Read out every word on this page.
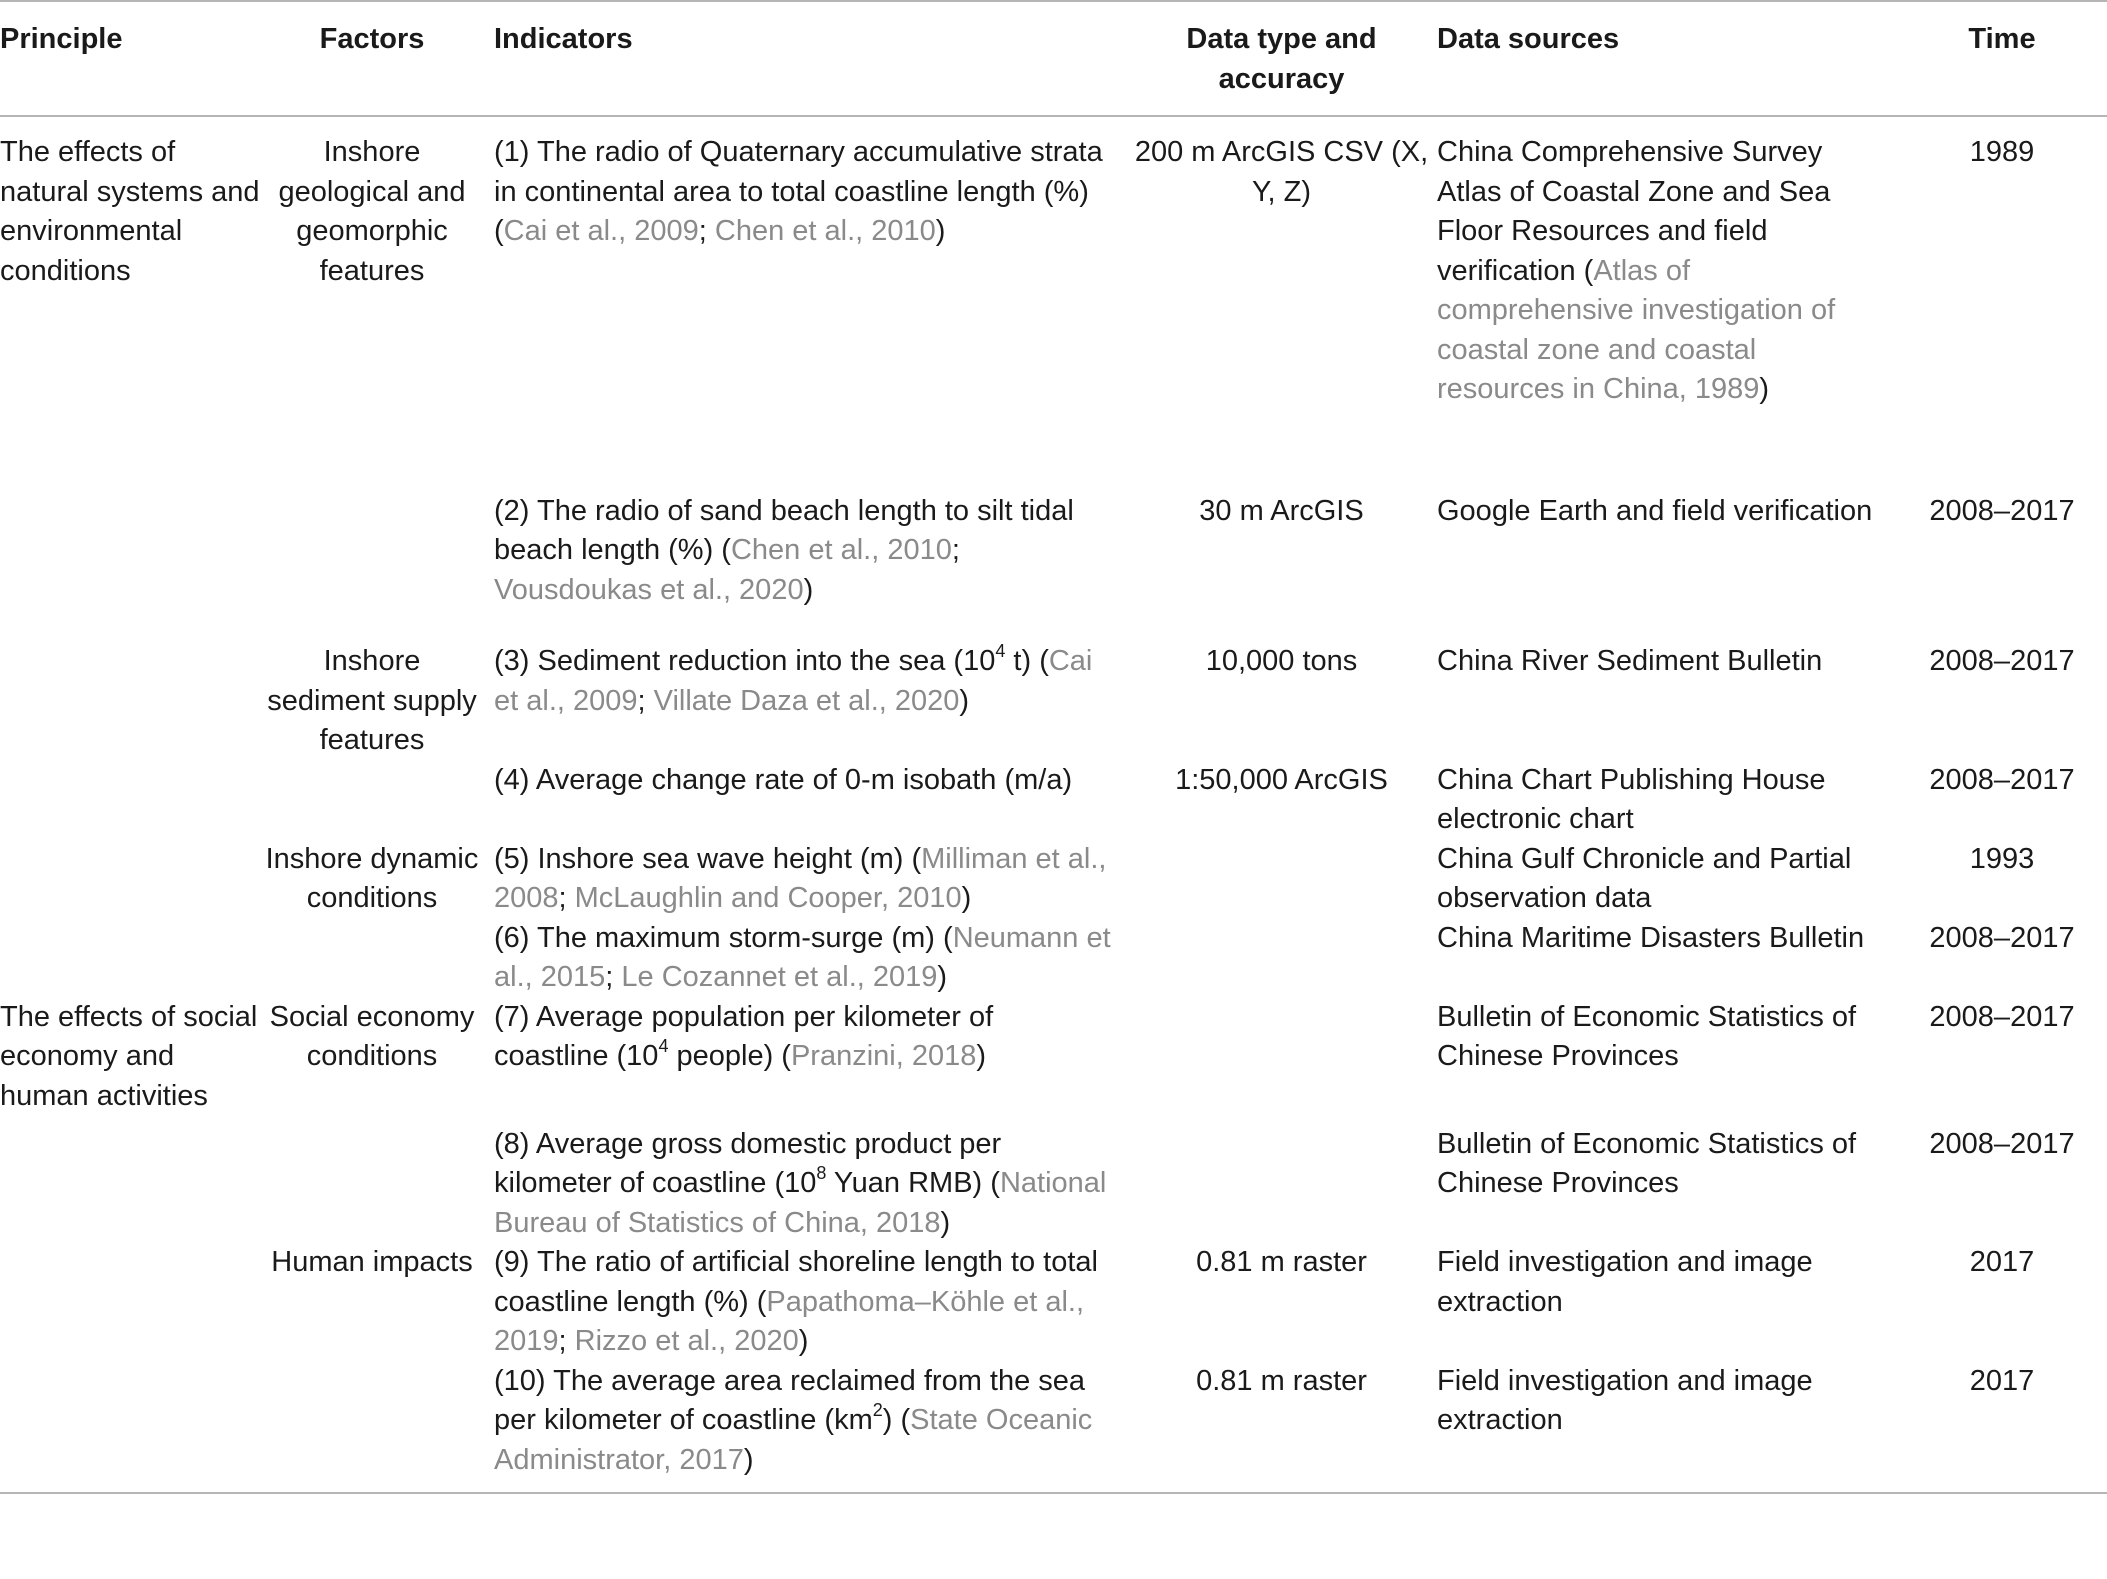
Principle	Factors	Indicators	Data type and accuracy	Data sources	Time
The effects of natural systems and environmental conditions	Inshore geological and geomorphic features	(1) The radio of Quaternary accumulative strata in continental area to total coastline length (%) (Cai et al., 2009; Chen et al., 2010)	200 m ArcGIS CSV (X, Y, Z)	China Comprehensive Survey Atlas of Coastal Zone and Sea Floor Resources and field verification (Atlas of comprehensive investigation of coastal zone and coastal resources in China, 1989)	1989
		(2) The radio of sand beach length to silt tidal beach length (%) (Chen et al., 2010; Vousdoukas et al., 2020)	30 m ArcGIS	Google Earth and field verification	2008–2017
	Inshore sediment supply features	(3) Sediment reduction into the sea ($10^4$ t) (Cai et al., 2009; Villate Daza et al., 2020)	10,000 tons	China River Sediment Bulletin	2008–2017
		(4) Average change rate of 0-m isobath (m/a)	1:50,000 ArcGIS	China Chart Publishing House electronic chart	2008–2017
	Inshore dynamic conditions	(5) Inshore sea wave height (m) (Milliman et al., 2008; McLaughlin and Cooper, 2010)		China Gulf Chronicle and Partial observation data	1993
		(6) The maximum storm-surge (m) (Neumann et al., 2015; Le Cozannet et al., 2019)		China Maritime Disasters Bulletin	2008–2017
The effects of social economy and human activities	Social economy conditions	(7) Average population per kilometer of coastline ($10^4$ people) (Pranzini, 2018)		Bulletin of Economic Statistics of Chinese Provinces	2008–2017
		(8) Average gross domestic product per kilometer of coastline ($10^8$ Yuan RMB) (National Bureau of Statistics of China, 2018)		Bulletin of Economic Statistics of Chinese Provinces	2008–2017
	Human impacts	(9) The ratio of artificial shoreline length to total coastline length (%) (Papathoma–Köhle et al., 2019; Rizzo et al., 2020)	0.81 m raster	Field investigation and image extraction	2017
		(10) The average area reclaimed from the sea per kilometer of coastline $(km^2)$ (State Oceanic Administrator, 2017)	0.81 m raster	Field investigation and image extraction	2017
